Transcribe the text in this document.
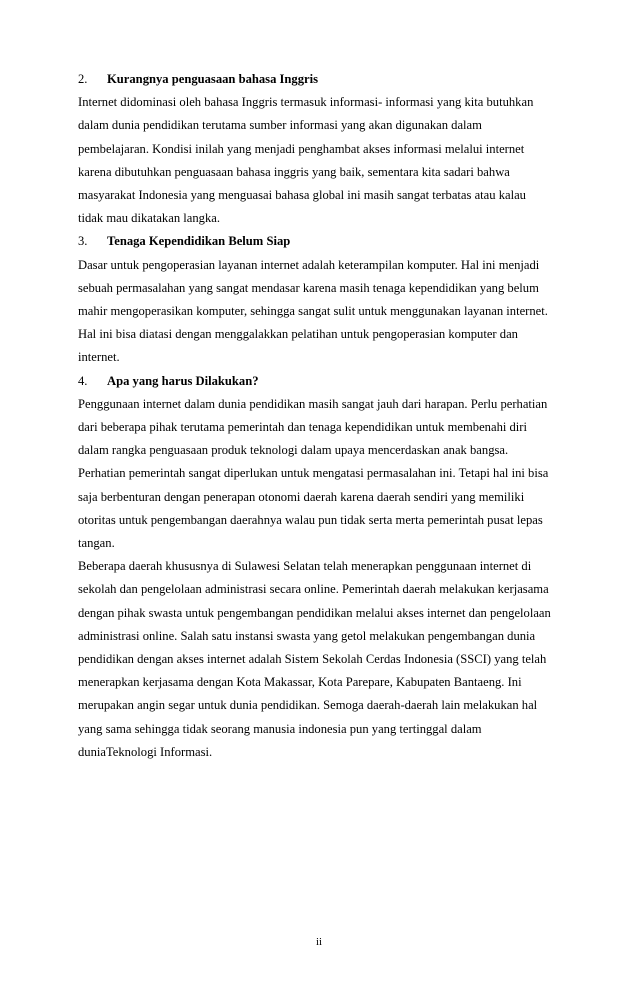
2. Kurangnya penguasaan bahasa Inggris
Internet didominasi oleh bahasa Inggris termasuk informasi- informasi yang kita butuhkan
dalam dunia pendidikan terutama sumber informasi yang akan digunakan dalam
pembelajaran. Kondisi inilah yang menjadi penghambat akses informasi melalui internet
karena dibutuhkan penguasaan bahasa inggris yang baik, sementara kita sadari bahwa
masyarakat Indonesia yang menguasai bahasa global ini masih sangat terbatas atau kalau
tidak mau dikatakan langka.
3. Tenaga Kependidikan Belum Siap
Dasar untuk pengoperasian layanan internet adalah keterampilan komputer. Hal ini menjadi
sebuah permasalahan yang sangat mendasar karena masih tenaga kependidikan yang belum
mahir mengoperasikan komputer, sehingga sangat sulit untuk menggunakan layanan internet.
Hal ini bisa diatasi dengan menggalakkan pelatihan untuk pengoperasian komputer dan
internet.
4. Apa yang harus Dilakukan?
Penggunaan internet dalam dunia pendidikan masih sangat jauh dari harapan. Perlu perhatian
dari beberapa pihak terutama pemerintah dan tenaga kependidikan untuk membenahi diri
dalam rangka penguasaan produk teknologi dalam upaya mencerdaskan anak bangsa.
Perhatian pemerintah sangat diperlukan untuk mengatasi permasalahan ini. Tetapi hal ini bisa
saja berbenturan dengan penerapan otonomi daerah karena daerah sendiri yang memiliki
otoritas untuk pengembangan daerahnya walau pun tidak serta merta pemerintah pusat lepas
tangan.
Beberapa daerah khususnya di Sulawesi Selatan telah menerapkan penggunaan internet di
sekolah dan pengelolaan administrasi secara online. Pemerintah daerah melakukan kerjasama
dengan pihak swasta untuk pengembangan pendidikan melalui akses internet dan pengelolaan
administrasi online. Salah satu instansi swasta yang getol melakukan pengembangan dunia
pendidikan dengan akses internet adalah Sistem Sekolah Cerdas Indonesia (SSCI) yang telah
menerapkan kerjasama dengan Kota Makassar, Kota Parepare, Kabupaten Bantaeng. Ini
merupakan angin segar untuk dunia pendidikan. Semoga daerah-daerah lain melakukan hal
yang sama sehingga tidak seorang manusia indonesia pun yang tertinggal dalam
duniaTeknologi Informasi.
ii
